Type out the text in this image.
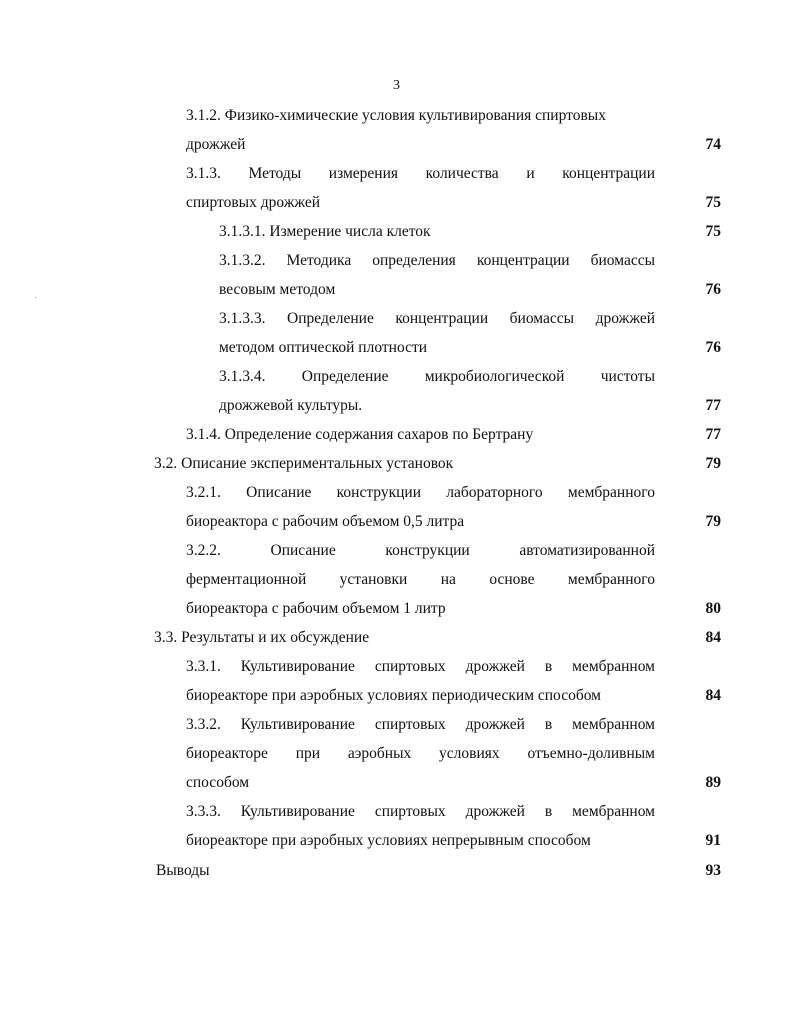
3
3.1.2. Физико-химические условия культивирования спиртовых
дрожжей	74
3.1.3. Методы измерения количества и концентрации
спиртовых дрожжей	75
3.1.3.1. Измерение числа клеток	75
3.1.3.2. Методика определения концентрации биомассы
весовым методом	76
3.1.3.3. Определение концентрации биомассы дрожжей
методом оптической плотности	76
3.1.3.4. Определение микробиологической чистоты
дрожжевой культуры.	77
3.1.4. Определение содержания сахаров по Бертрану	77
3.2. Описание экспериментальных установок	79
3.2.1. Описание конструкции лабораторного мембранного
биореактора с рабочим объемом 0,5 литра	79
3.2.2. Описание конструкции автоматизированной
ферментационной установки на основе мембранного
биореактора с рабочим объемом 1 литр	80
3.3. Результаты и их обсуждение	84
3.3.1. Культивирование спиртовых дрожжей в мембранном
биореакторе при аэробных условиях периодическим способом	84
3.3.2. Культивирование спиртовых дрожжей в мембранном
биореакторе при аэробных условиях отъемно-доливным
способом	89
3.3.3. Культивирование спиртовых дрожжей в мембранном
биореакторе при аэробных условиях непрерывным способом	91
Выводы	93
